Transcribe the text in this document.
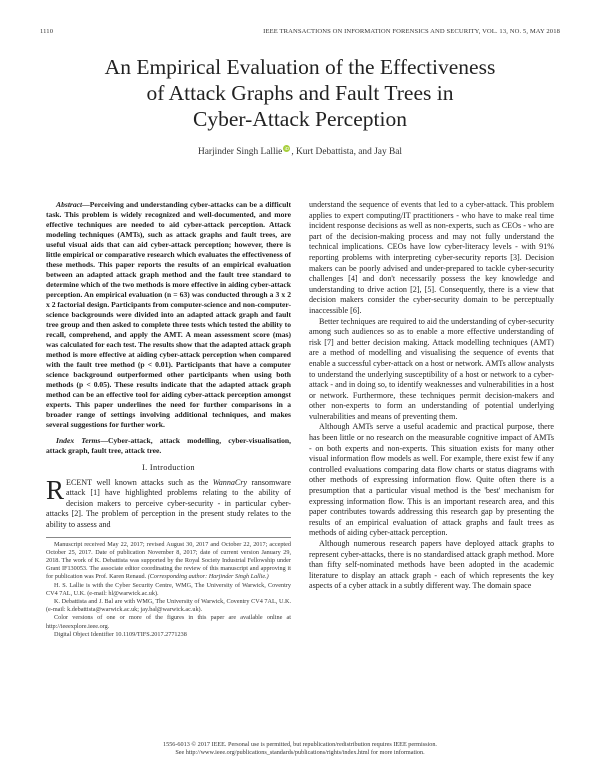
1110	IEEE TRANSACTIONS ON INFORMATION FORENSICS AND SECURITY, VOL. 13, NO. 5, MAY 2018
An Empirical Evaluation of the Effectiveness
of Attack Graphs and Fault Trees in
Cyber-Attack Perception
Harjinder Singh Lallie iD , Kurt Debattista, and Jay Bal

Abstract—Perceiving and understanding cyber-attacks can be a difficult task. This problem is widely recognized and well-documented, and more effective techniques are needed to aid cyber-attack perception. Attack modeling techniques (AMTs), such as attack graphs and fault trees, are useful visual aids that can aid cyber-attack perception; however, there is little empirical or comparative research which evaluates the effectiveness of these methods. This paper reports the results of an empirical evaluation between an adapted attack graph method and the fault tree standard to determine which of the two methods is more effective in aiding cyber-attack perception. An empirical evaluation (n = 63) was conducted through a 3 x 2 x 2 factorial design. Participants from computer-science and non-computer-science backgrounds were divided into an adapted attack graph and fault tree group and then asked to complete three tests which tested the ability to recall, comprehend, and apply the AMT. A mean assessment score (mas) was calculated for each test. The results show that the adapted attack graph method is more effective at aiding cyber-attack perception when compared with the fault tree method (p < 0.01). Participants that have a computer science background outperformed other participants when using both methods (p < 0.05). These results indicate that the adapted attack graph method can be an effective tool for aiding cyber-attack perception amongst experts. This paper underlines the need for further comparisons in a broader range of settings involving additional techniques, and makes several suggestions for further work.

Index Terms—Cyber-attack, attack modelling, cyber-visualisation, attack graph, fault tree, attack tree.

I. Introduction

RECENT well known attacks such as the WannaCry ransomware attack [1] have highlighted problems relating to the ability of decision makers to perceive cyber-security - in particular cyber-attacks [2]. The problem of perception in the present study relates to the ability to assess and

Manuscript received May 22, 2017; revised August 30, 2017 and October 22, 2017; accepted October 25, 2017. Date of publication November 8, 2017; date of current version January 29, 2018. The work of K. Debattista was supported by the Royal Society Industrial Fellowship under Grant IF130053. The associate editor coordinating the review of this manuscript and approving it for publication was Prof. Karen Renaud. (Corresponding author: Harjinder Singh Lallie.)

H. S. Lallie is with the Cyber Security Centre, WMG, The University of Warwick, Coventry CV4 7AL, U.K. (e-mail: hl@warwick.ac.uk).

K. Debattista and J. Bal are with WMG, The University of Warwick, Coventry CV4 7AL, U.K. (e-mail: k.debattista@warwick.ac.uk; jay.bal@warwick.ac.uk).

Color versions of one or more of the figures in this paper are available online at http://ieeexplore.ieee.org.

Digital Object Identifier 10.1109/TIFS.2017.2771238

understand the sequence of events that led to a cyber-attack. This problem applies to expert computing/IT practitioners - who have to make real time incident response decisions as well as non-experts, such as CEOs - who are part of the decision-making process and may not fully understand the technical implications. CEOs have low cyber-literacy levels - with 91% reporting problems with interpreting cyber-security reports [3]. Decision makers can be poorly advised and under-prepared to tackle cyber-security challenges [4] and don't necessarily possess the key knowledge and understanding to drive action [2], [5]. Consequently, there is a view that decision makers consider the cyber-security domain to be perceptually inaccessible [6].

Better techniques are required to aid the understanding of cyber-security among such audiences so as to enable a more effective understanding of risk [7] and better decision making. Attack modelling techniques (AMT) are a method of modelling and visualising the sequence of events that enable a successful cyber-attack on a host or network. AMTs allow analysts to understand the underlying susceptibility of a host or network to a cyber-attack - and in doing so, to identify weaknesses and vulnerabilities in a host or network. Furthermore, these techniques permit decision-makers and other non-experts to form an understanding of potential underlying vulnerabilities and means of preventing them.

Although AMTs serve a useful academic and practical purpose, there has been little or no research on the measurable cognitive impact of AMTs - on both experts and non-experts. This situation exists for many other visual information flow models as well. For example, there exist few if any controlled evaluations comparing data flow charts or status diagrams with other methods of expressing information flow. Quite often there is a presumption that a particular visual method is the 'best' mechanism for expressing information flow. This is an important research area, and this paper contributes towards addressing this research gap by presenting the results of an empirical evaluation of attack graphs and fault trees as methods of aiding cyber-attack perception.

Although numerous research papers have deployed attack graphs to represent cyber-attacks, there is no standardised attack graph method. More than fifty self-nominated methods have been adopted in the academic literature to display an attack graph - each of which represents the key aspects of a cyber attack in a subtly different way. The domain space

1556-6013 © 2017 IEEE. Personal use is permitted, but republication/redistribution requires IEEE permission.
See http://www.ieee.org/publications_standards/publications/rights/index.html for more information.
